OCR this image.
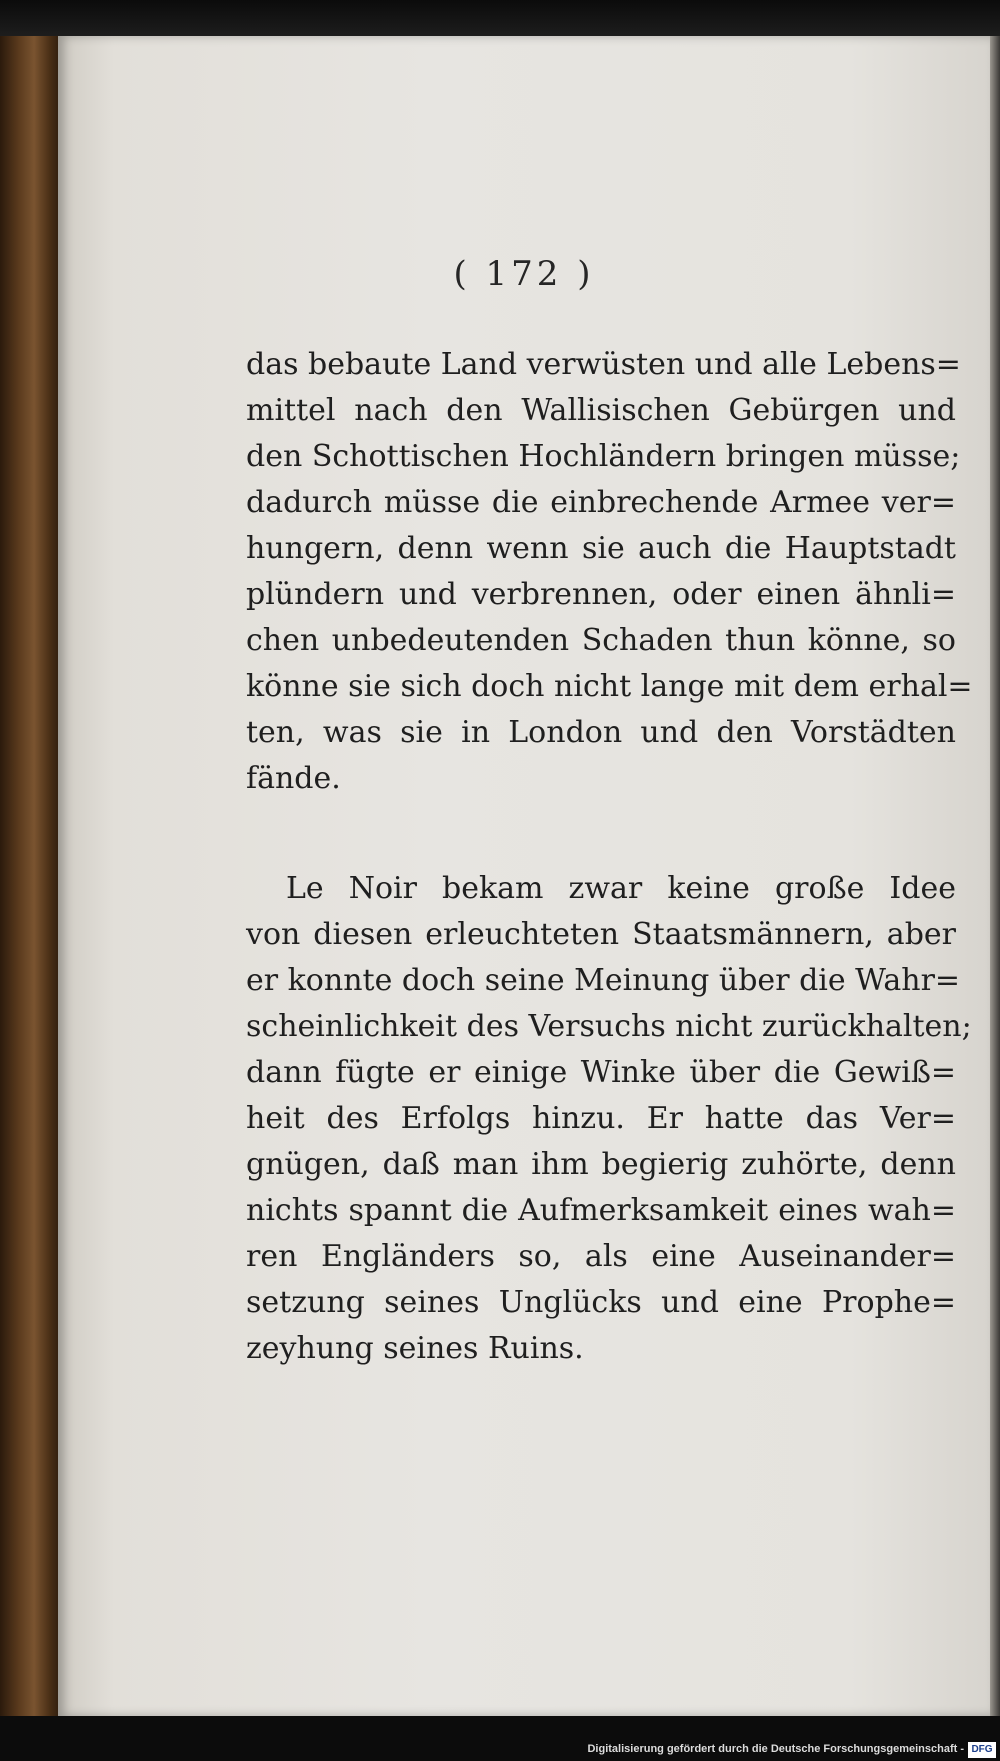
( 172 )
das bebaute Land verwüsten und alle Lebens=
mittel nach den Wallisischen Gebürgen und
den Schottischen Hochländern bringen müsse;
dadurch müsse die einbrechende Armee ver=
hungern, denn wenn sie auch die Hauptstadt
plündern und verbrennen, oder einen ähnli=
chen unbedeutenden Schaden thun könne, so
könne sie sich doch nicht lange mit dem erhal=
ten, was sie in London und den Vorstädten
fände.
Le Noir bekam zwar keine große Idee
von diesen erleuchteten Staatsmännern, aber
er konnte doch seine Meinung über die Wahr=
scheinlichkeit des Versuchs nicht zurückhalten;
dann fügte er einige Winke über die Gewiß=
heit des Erfolgs hinzu. Er hatte das Ver=
gnügen, daß man ihm begierig zuhörte, denn
nichts spannt die Aufmerksamkeit eines wah=
ren Engländers so, als eine Auseinander=
setzung seines Unglücks und eine Prophe=
zeyhung seines Ruins.
Digitalisierung gefördert durch die Deutsche Forschungsgemeinschaft - DFG
